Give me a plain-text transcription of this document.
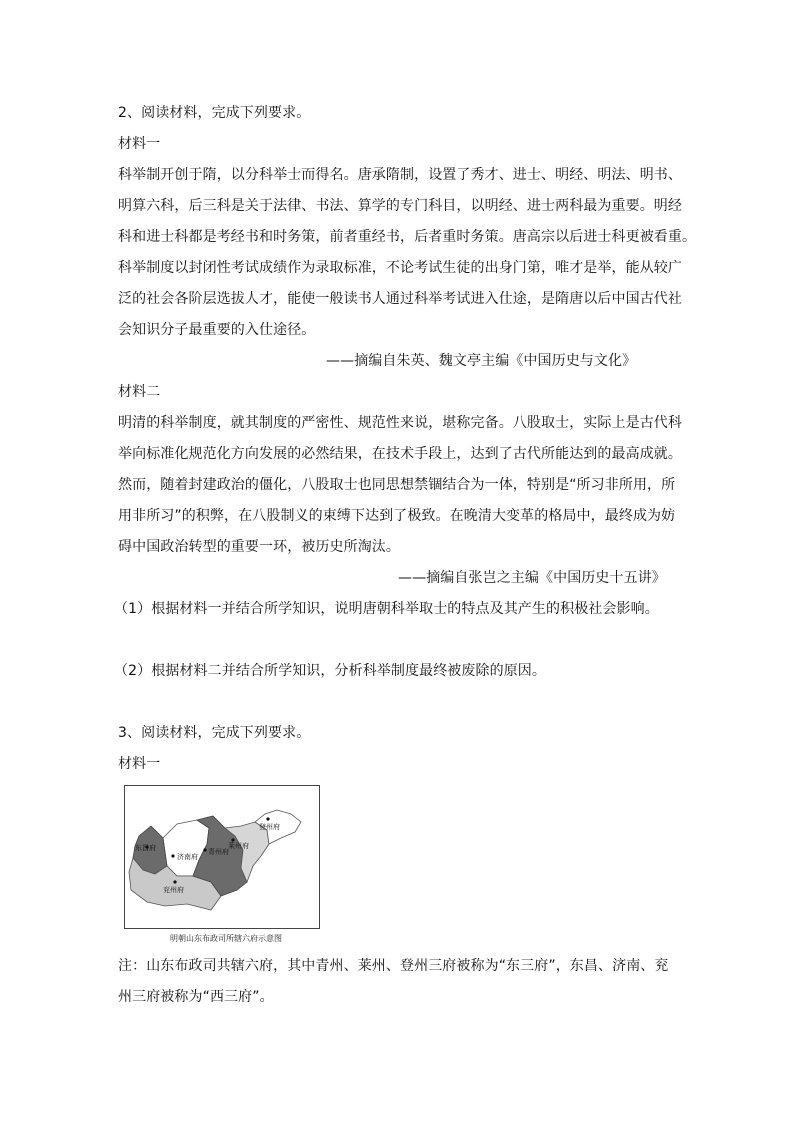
2、阅读材料，完成下列要求。
材料一
科举制开创于隋，以分科举士而得名。唐承隋制，设置了秀才、进士、明经、明法、明书、
明算六科，后三科是关于法律、书法、算学的专门科目，以明经、进士两科最为重要。明经
科和进士科都是考经书和时务策，前者重经书，后者重时务策。唐高宗以后进士科更被看重。
科举制度以封闭性考试成绩作为录取标准，不论考试生徒的出身门第，唯才是举，能从较广
泛的社会各阶层选拔人才，能使一般读书人通过科举考试进入仕途，是隋唐以后中国古代社
会知识分子最重要的入仕途径。
——摘编自朱英、魏文亭主编《中国历史与文化》
材料二
明清的科举制度，就其制度的严密性、规范性来说，堪称完备。八股取士，实际上是古代科
举向标准化规范化方向发展的必然结果，在技术手段上，达到了古代所能达到的最高成就。
然而，随着封建政治的僵化，八股取士也同思想禁锢结合为一体，特别是“所习非所用，所
用非所习”的积弊，在八股制义的束缚下达到了极致。在晚清大变革的格局中，最终成为妨
碍中国政治转型的重要一环，被历史所淘汰。
——摘编自张岂之主编《中国历史十五讲》
（1）根据材料一并结合所学知识，说明唐朝科举取士的特点及其产生的积极社会影响。
（2）根据材料二并结合所学知识，分析科举制度最终被废除的原因。
3、阅读材料，完成下列要求。
材料一
登州府
莱州府
东昌府
济南府
青州府
兖州府
明朝山东布政司所辖六府示意图
注：山东布政司共辖六府，其中青州、莱州、登州三府被称为“东三府”，东昌、济南、兖
州三府被称为“西三府”。
